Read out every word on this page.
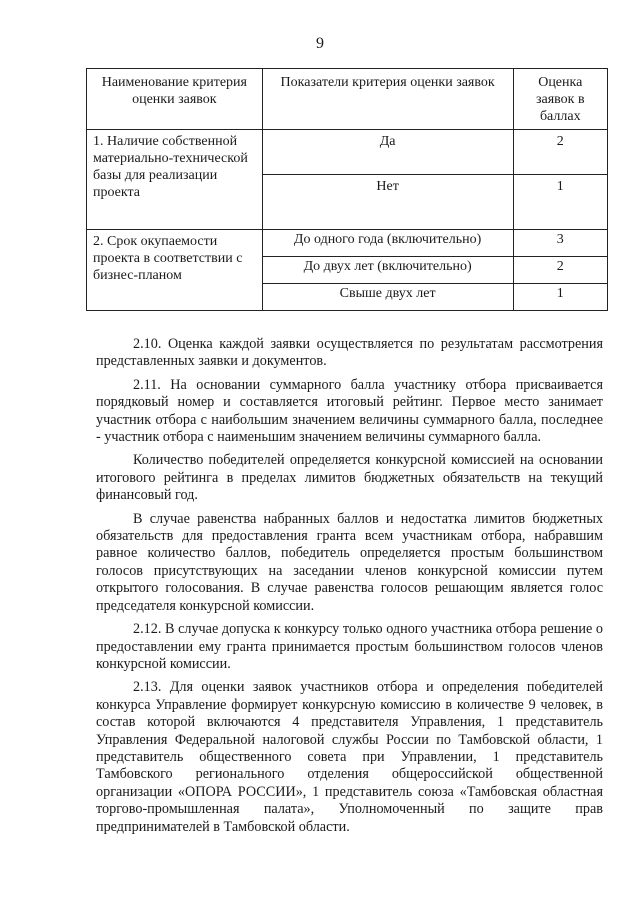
9
Наименование критерия оценки заявок	Показатели критерия оценки заявок	Оценка заявок в баллах
1. Наличие собственной материально-технической базы для реализации проекта	Да	2
	Нет	1
2. Срок окупаемости проекта в соответствии с бизнес-планом	До одного года (включительно)	3
	До двух лет (включительно)	2
	Свыше двух лет	1

2.10. Оценка каждой заявки осуществляется по результатам рассмотрения представленных заявки и документов.

2.11. На основании суммарного балла участнику отбора присваивается порядковый номер и составляется итоговый рейтинг. Первое место занимает участник отбора с наибольшим значением величины суммарного балла, последнее - участник отбора с наименьшим значением величины суммарного балла.

Количество победителей определяется конкурсной комиссией на основании итогового рейтинга в пределах лимитов бюджетных обязательств на текущий финансовый год.

В случае равенства набранных баллов и недостатка лимитов бюджетных обязательств для предоставления гранта всем участникам отбора, набравшим равное количество баллов, победитель определяется простым большинством голосов присутствующих на заседании членов конкурсной комиссии путем открытого голосования. В случае равенства голосов решающим является голос председателя конкурсной комиссии.

2.12. В случае допуска к конкурсу только одного участника отбора решение о предоставлении ему гранта принимается простым большинством голосов членов конкурсной комиссии.

2.13. Для оценки заявок участников отбора и определения победителей конкурса Управление формирует конкурсную комиссию в количестве 9 человек, в состав которой включаются 4 представителя Управления, 1 представитель Управления Федеральной налоговой службы России по Тамбовской области, 1 представитель общественного совета при Управлении, 1 представитель Тамбовского регионального отделения общероссийской общественной организации «ОПОРА РОССИИ», 1 представитель союза «Тамбовская областная торгово-промышленная палата», Уполномоченный по защите прав предпринимателей в Тамбовской области.
